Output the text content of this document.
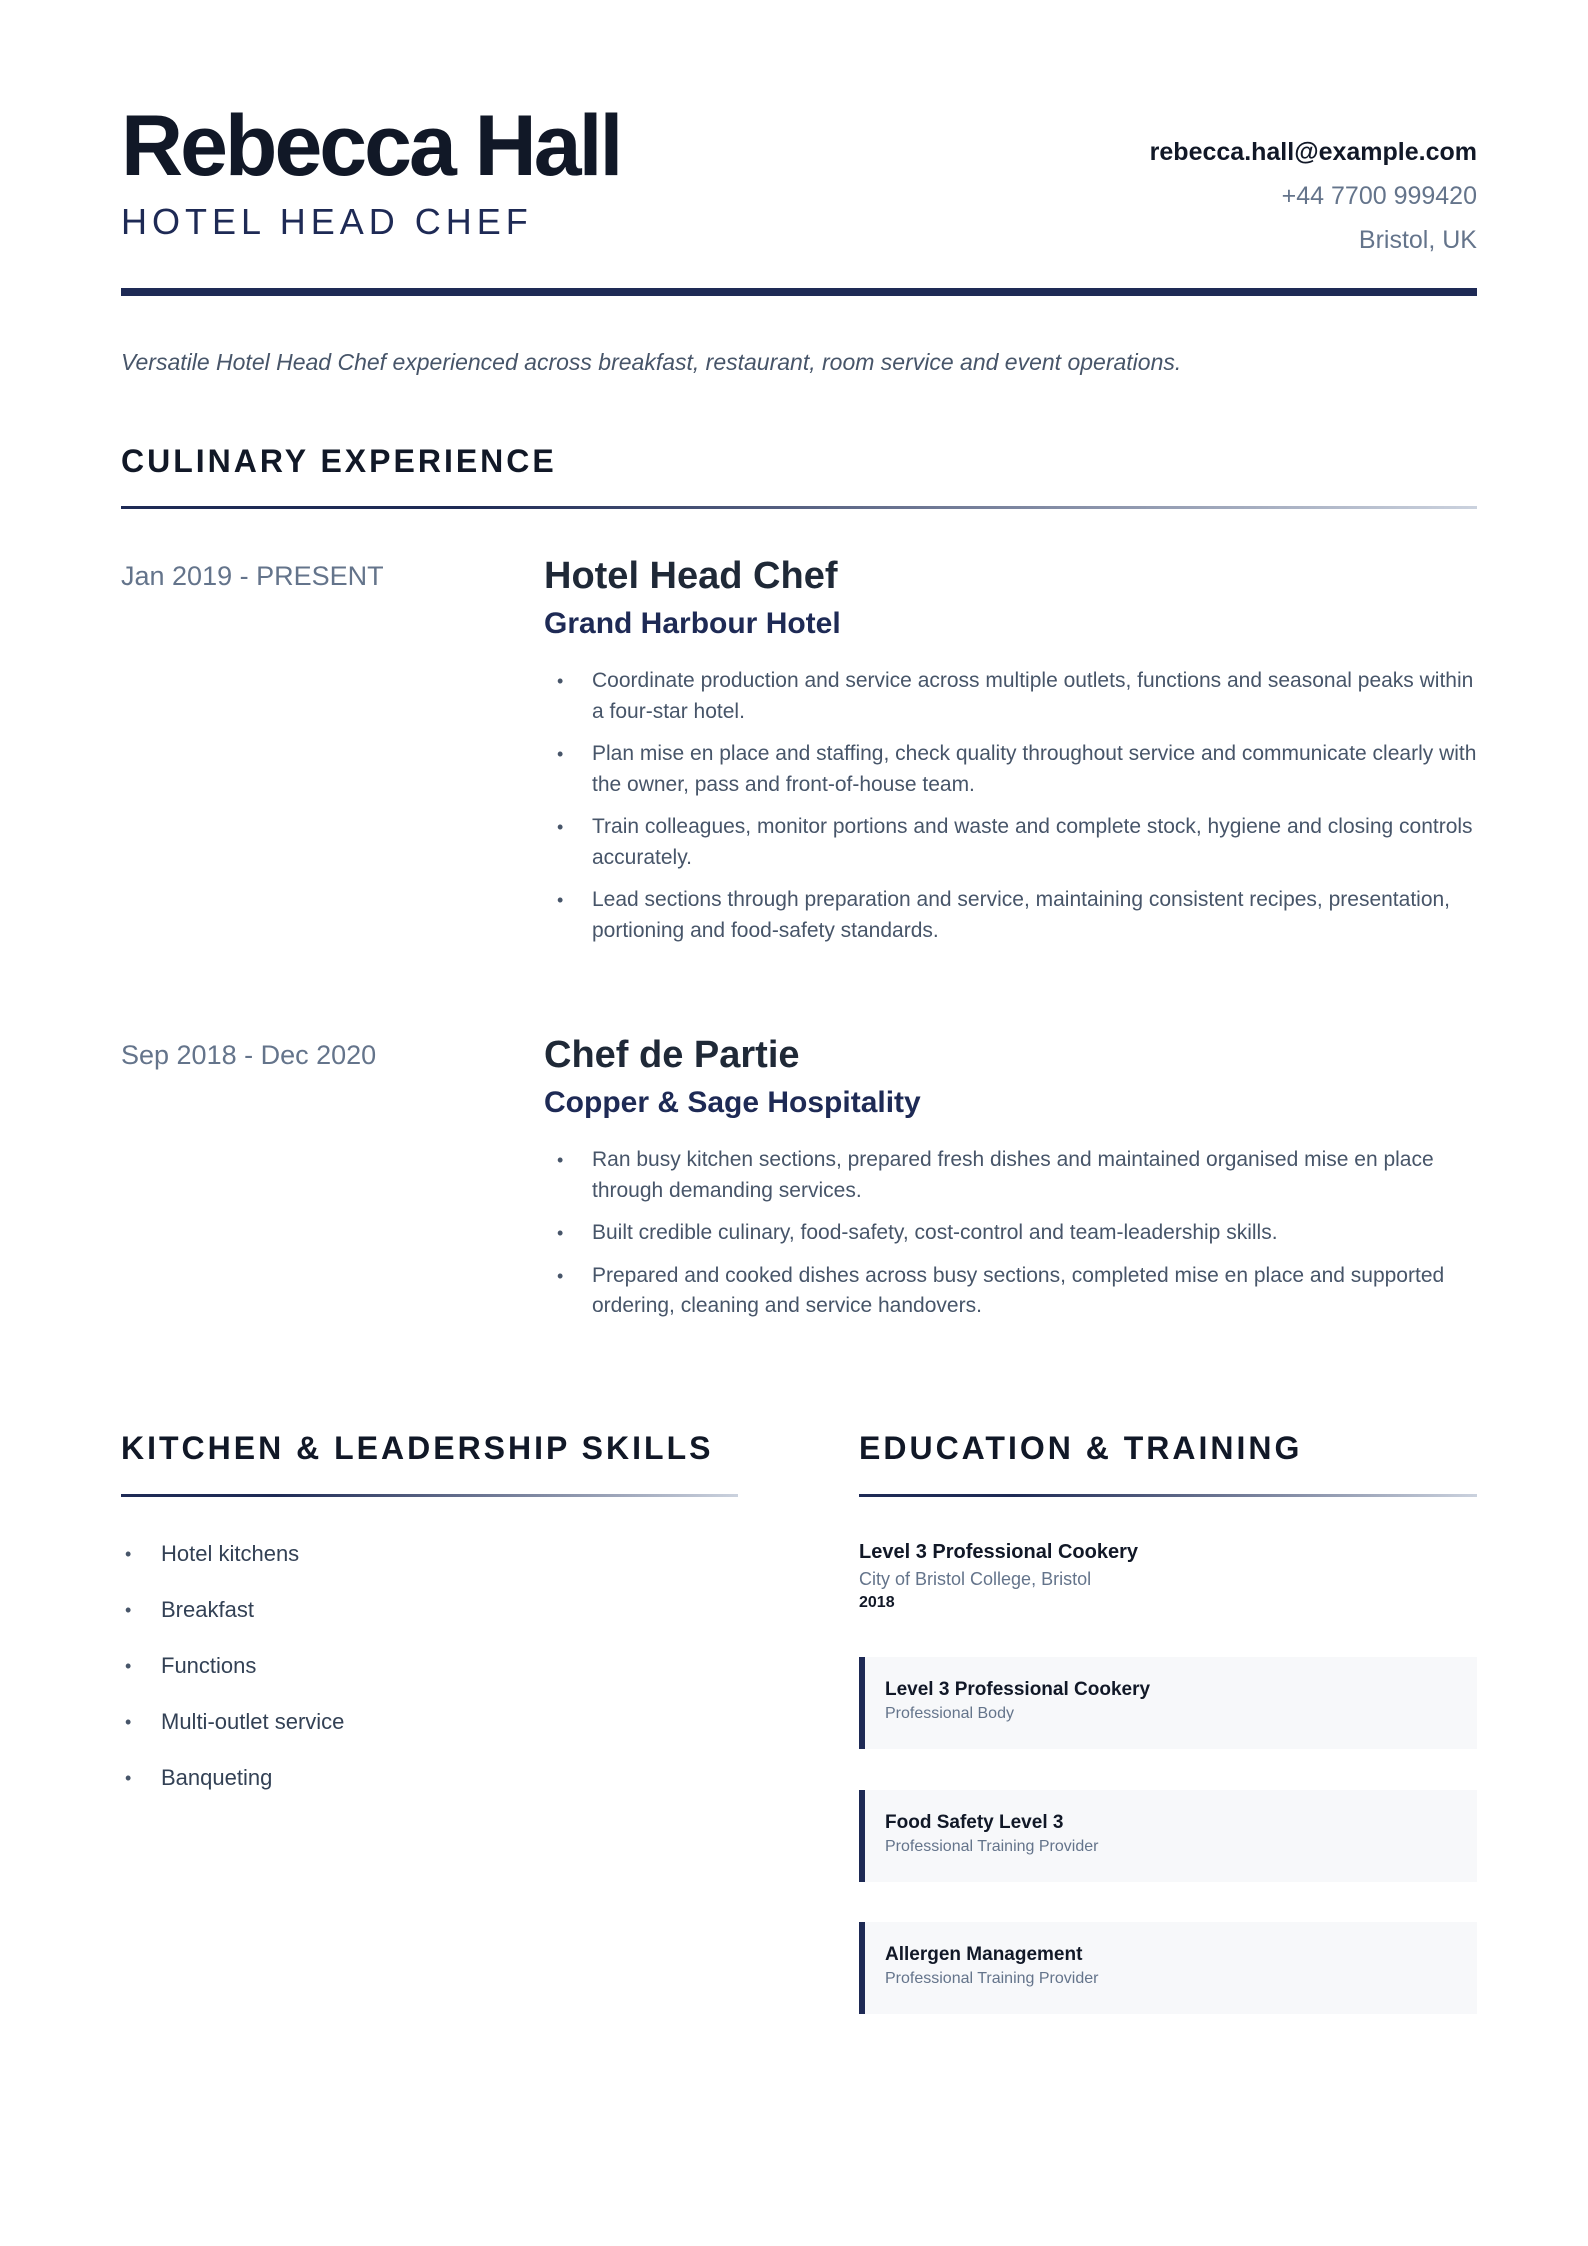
Rebecca Hall
HOTEL HEAD CHEF
rebecca.hall@example.com
+44 7700 999420
Bristol, UK
Versatile Hotel Head Chef experienced across breakfast, restaurant, room service and event operations.
CULINARY EXPERIENCE
Jan 2019 - PRESENT	Hotel Head Chef
Grand Harbour Hotel
• Coordinate production and service across multiple outlets, functions and seasonal peaks within a four-star hotel.
• Plan mise en place and staffing, check quality throughout service and communicate clearly with the owner, pass and front-of-house team.
• Train colleagues, monitor portions and waste and complete stock, hygiene and closing controls accurately.
• Lead sections through preparation and service, maintaining consistent recipes, presentation, portioning and food-safety standards.
Sep 2018 - Dec 2020	Chef de Partie
Copper & Sage Hospitality
• Ran busy kitchen sections, prepared fresh dishes and maintained organised mise en place through demanding services.
• Built credible culinary, food-safety, cost-control and team-leadership skills.
• Prepared and cooked dishes across busy sections, completed mise en place and supported ordering, cleaning and service handovers.
KITCHEN & LEADERSHIP SKILLS
• Hotel kitchens
• Breakfast
• Functions
• Multi-outlet service
• Banqueting
EDUCATION & TRAINING
Level 3 Professional Cookery
City of Bristol College, Bristol
2018
Level 3 Professional Cookery
Professional Body
Food Safety Level 3
Professional Training Provider
Allergen Management
Professional Training Provider
